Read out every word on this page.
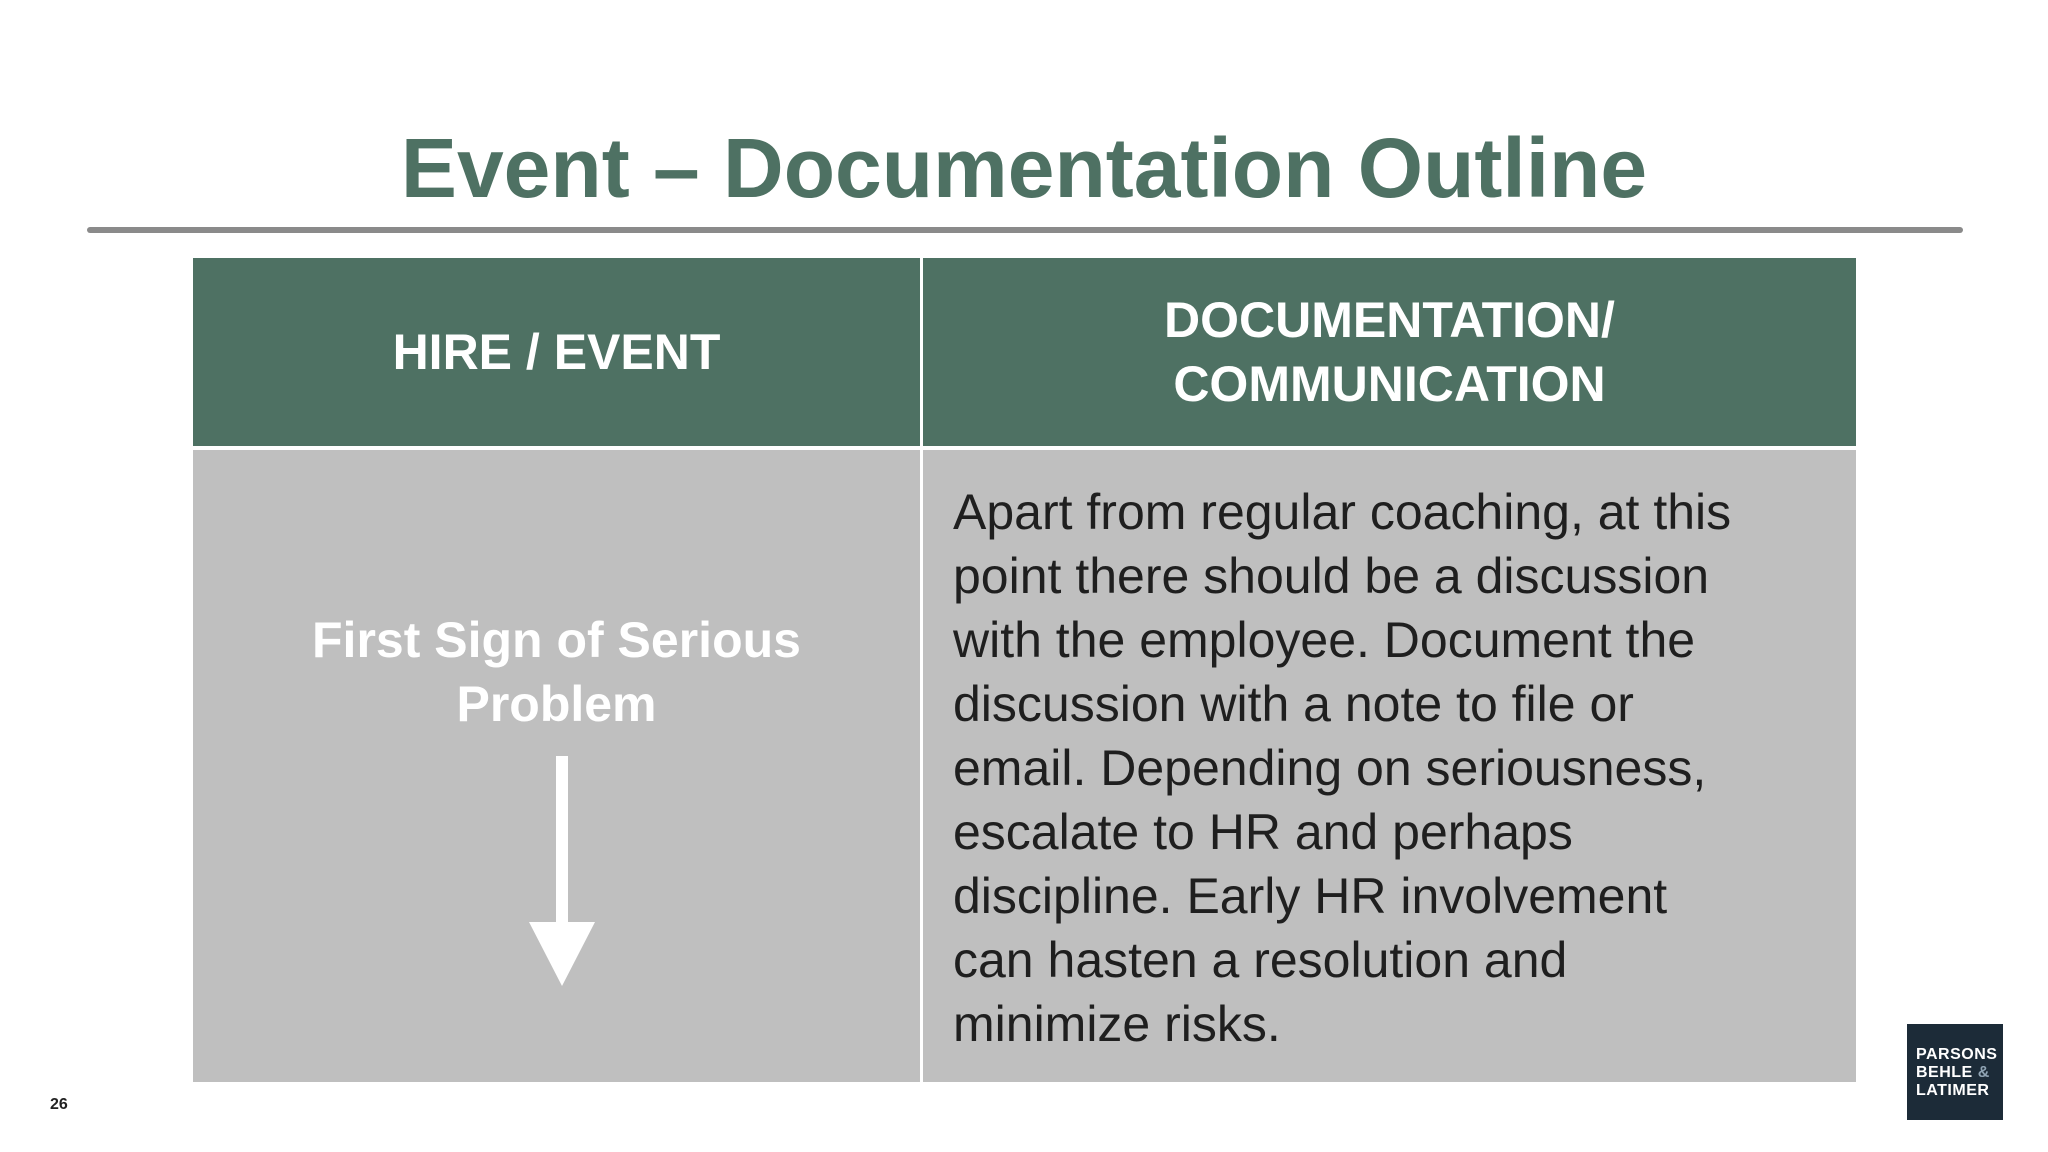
Event – Documentation Outline
HIRE / EVENT
DOCUMENTATION/
COMMUNICATION
First Sign of Serious Problem
Apart from regular coaching, at this
point there should be a discussion
with the employee. Document the
discussion with a note to file or
email. Depending on seriousness,
escalate to HR and perhaps
discipline. Early HR involvement
can hasten a resolution and
minimize risks.
26
PARSONS
BEHLE &
LATIMER
